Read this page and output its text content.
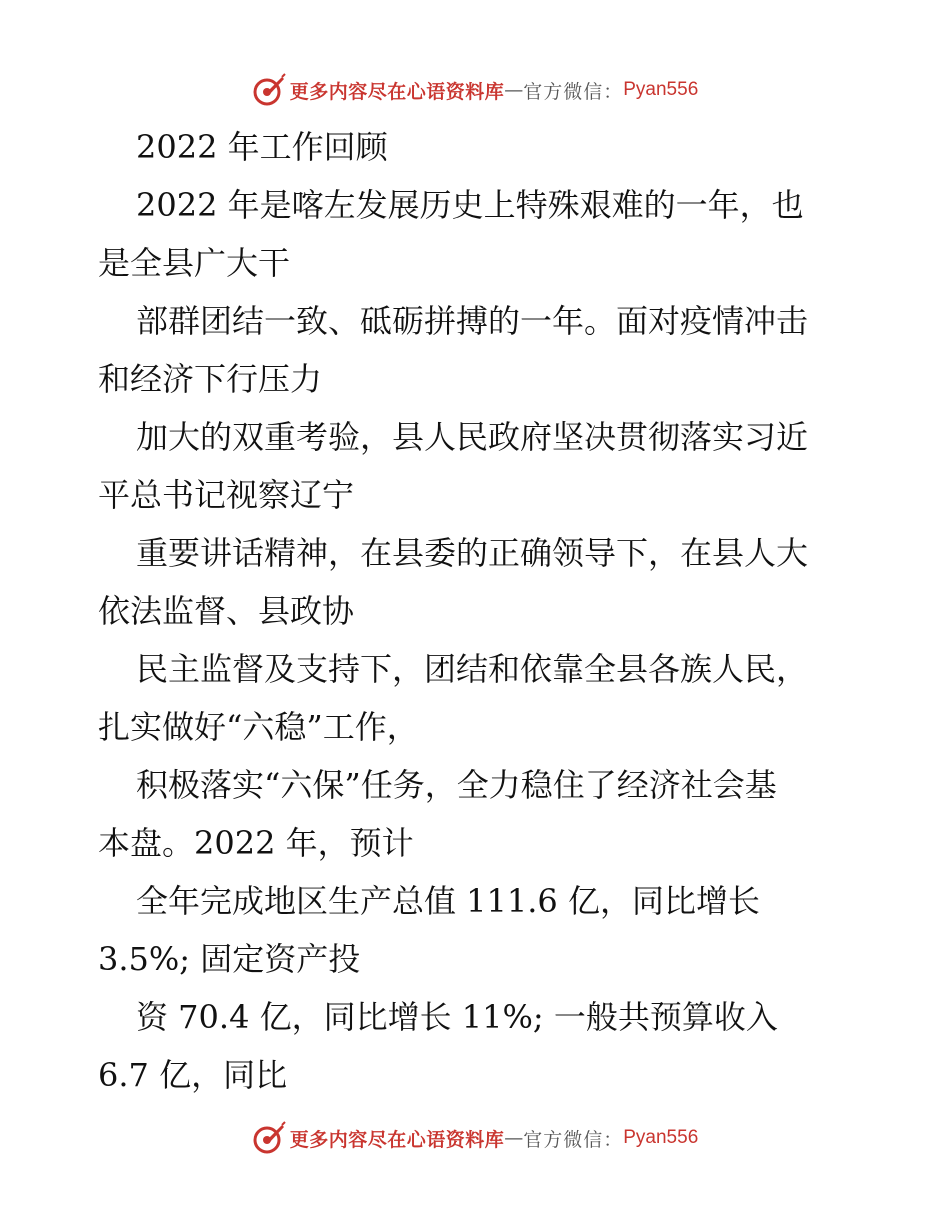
更多内容尽在心语资料库 — 官方微信： Pyan556
2022 年工作回顾
2022 年是喀左发展历史上特殊艰难的一年，也
是全县广大干
部群团结一致、砥砺拼搏的一年。面对疫情冲击
和经济下行压力
加大的双重考验，县人民政府坚决贯彻落实习近
平总书记视察辽宁
重要讲话精神，在县委的正确领导下，在县人大
依法监督、县政协
民主监督及支持下，团结和依靠全县各族人民，
扎实做好“六稳”工作，
积极落实“六保”任务，全力稳住了经济社会基
本盘。2022 年，预计
全年完成地区生产总值 111.6 亿，同比增长
3.5%; 固定资产投
资 70.4 亿，同比增长 11%; 一般共预算收入
6.7 亿，同比
更多内容尽在心语资料库 — 官方微信： Pyan556
